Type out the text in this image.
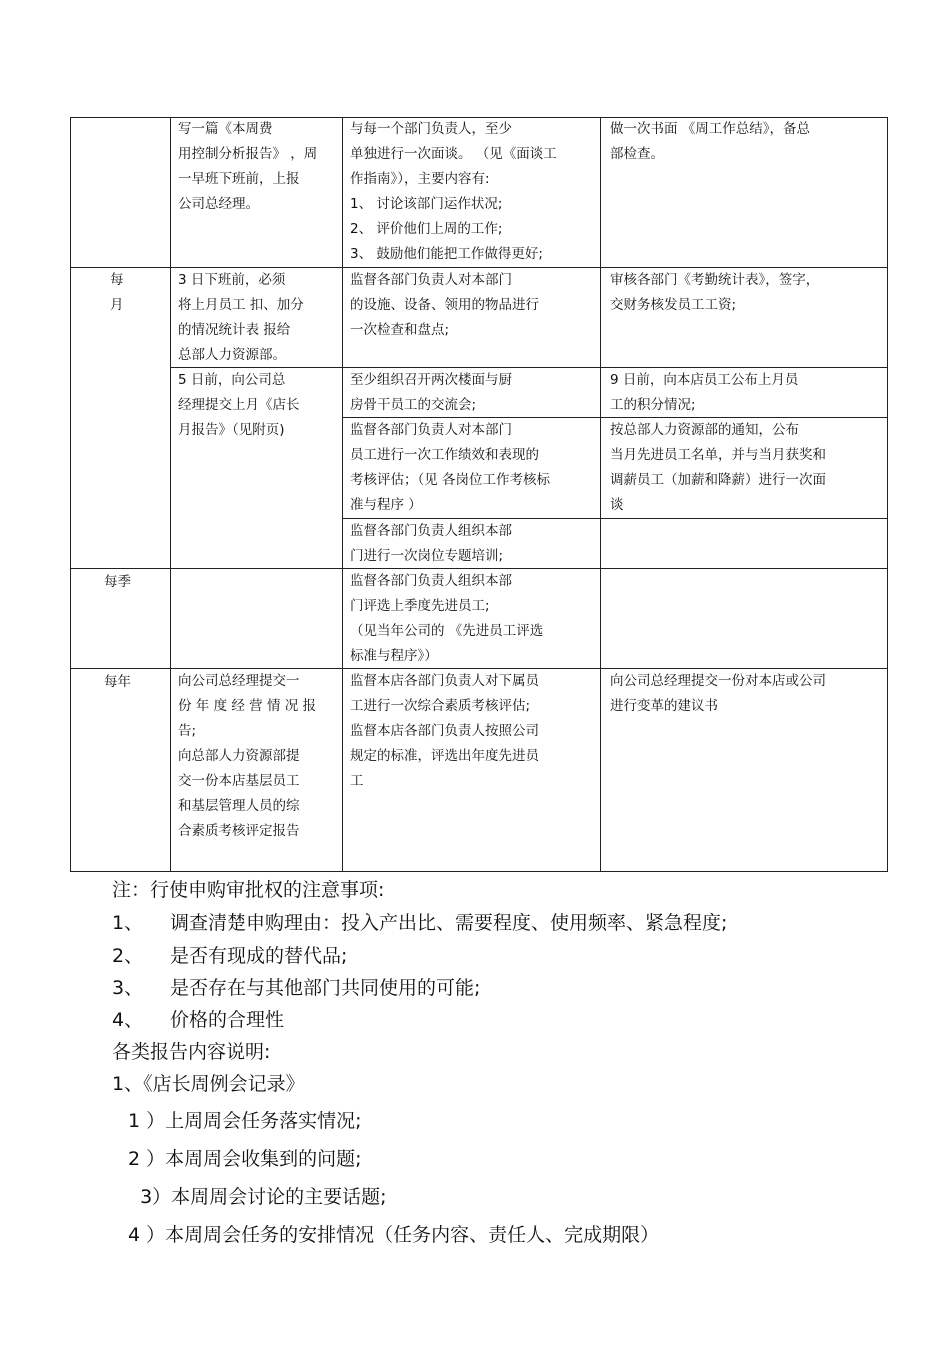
每
月
每季
每年
写一篇《本周费
用控制分析报告》 ，周
一早班下班前，上报
公司总经理。
与每一个部门负责人，至少
单独进行一次面谈。 （见《面谈工
作指南》），主要内容有:
1、 讨论该部门运作状况;
2、 评价他们上周的工作;
3、 鼓励他们能把工作做得更好;
做一次书面 《周工作总结》，备总
部检查。
3 日下班前，必须
将上月员工 扣、加分
的情况统计表 报给
总部人力资源部。
监督各部门负责人对本部门
的设施、设备、领用的物品进行
一次检查和盘点;
审核各部门《考勤统计表》，签字，
交财务核发员工工资;
5 日前，向公司总
经理提交上月《店长
月报告》（见附页)
至少组织召开两次楼面与厨
房骨干员工的交流会;
9 日前，向本店员工公布上月员
工的积分情况;
监督各部门负责人对本部门
员工进行一次工作绩效和表现的
考核评估；（见 各岗位工作考核标
准与程序 ）
按总部人力资源部的通知，公布
当月先进员工名单，并与当月获奖和
调薪员工（加薪和降薪）进行一次面
谈
监督各部门负责人组织本部
门进行一次岗位专题培训;
监督各部门负责人组织本部
门评选上季度先进员工;
（见当年公司的 《先进员工评选
标准与程序》）
向公司总经理提交一
份 年 度 经 营 情 况 报
告;
向总部人力资源部提
交一份本店基层员工
和基层管理人员的综
合素质考核评定报告
监督本店各部门负责人对下属员
工进行一次综合素质考核评估;
监督本店各部门负责人按照公司
规定的标准，评选出年度先进员
工
向公司总经理提交一份对本店或公司
进行变革的建议书
注：行使申购审批权的注意事项:
1、 调查清楚申购理由：投入产出比、需要程度、使用频率、紧急程度;
2、 是否有现成的替代品;
3、 是否存在与其他部门共同使用的可能;
4、 价格的合理性
各类报告内容说明:
1、《店长周例会记录》
1 ）上周周会任务落实情况;
2 ）本周周会收集到的问题;
3）本周周会讨论的主要话题;
4 ）本周周会任务的安排情况（任务内容、责任人、完成期限）
